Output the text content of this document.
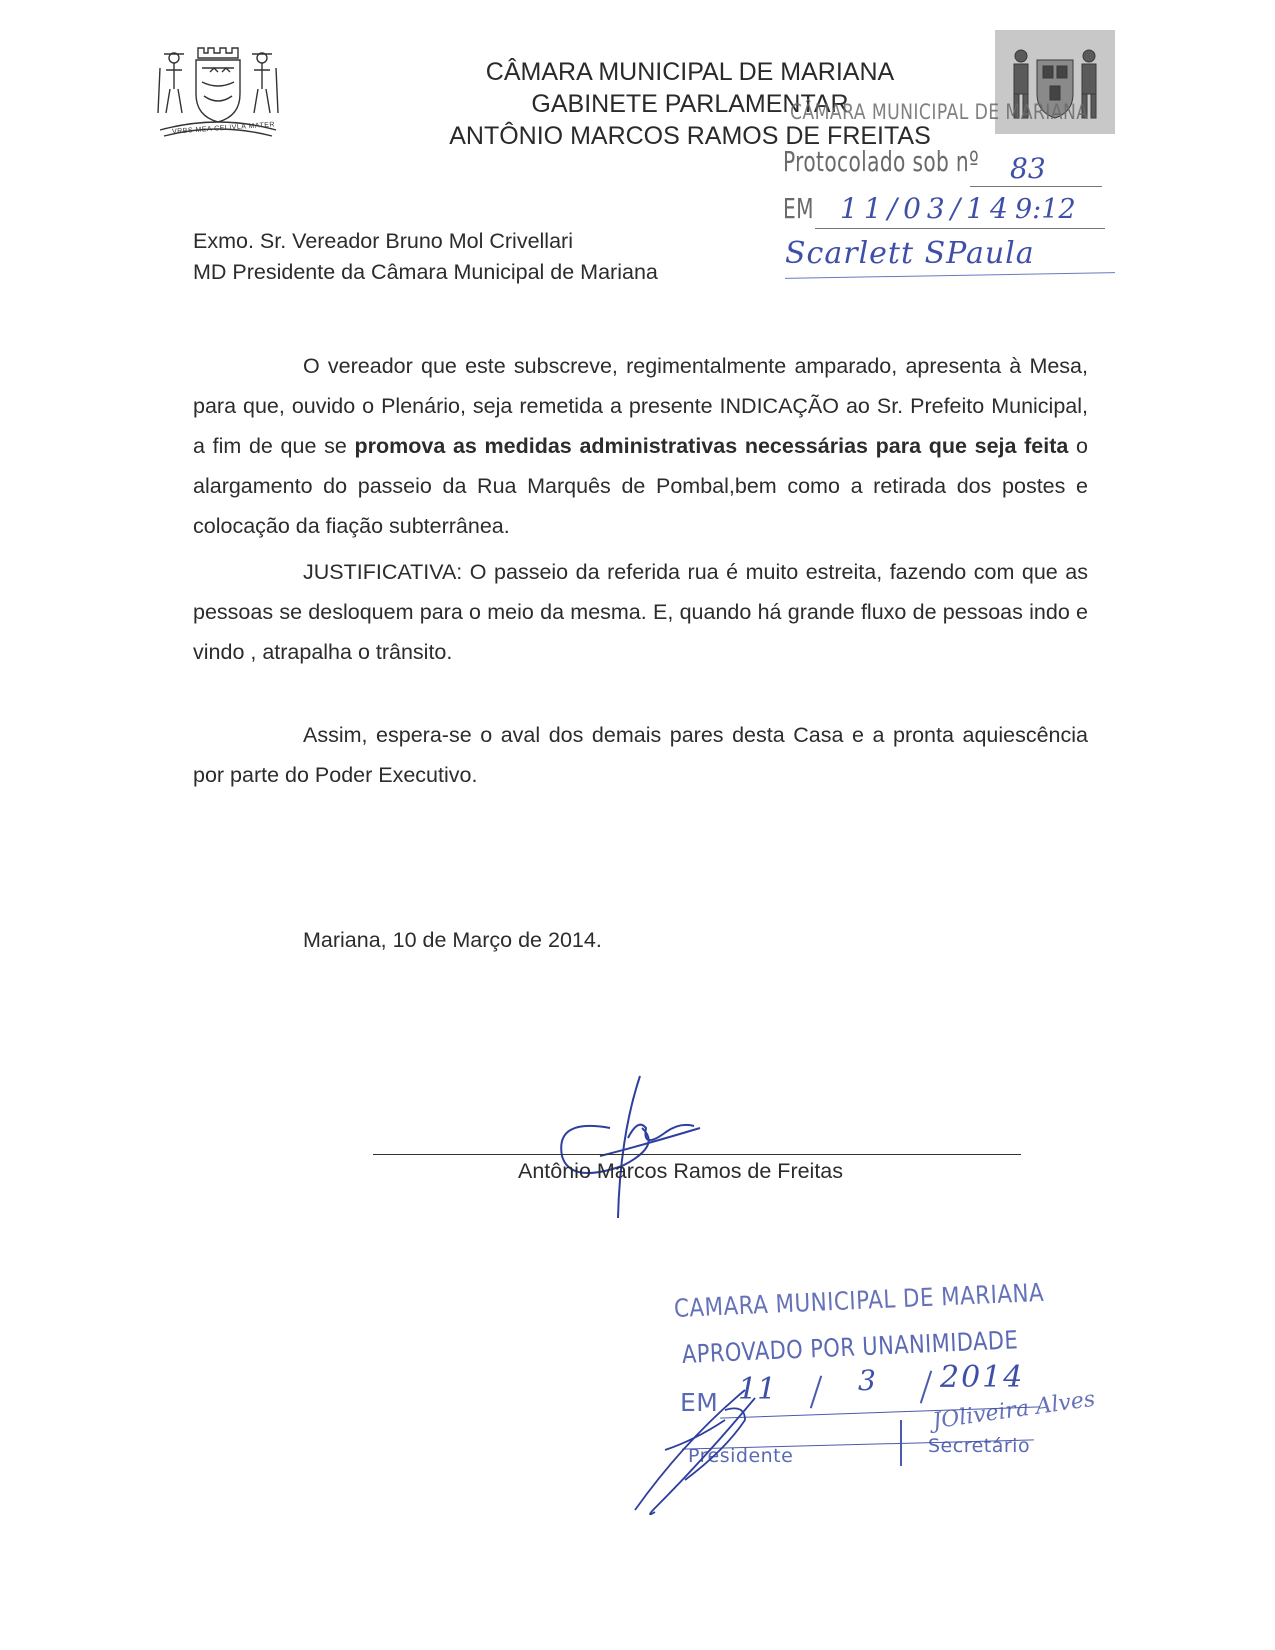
VRBS MEA CELIVLA MATER
CÂMARA MUNICIPAL DE MARIANA
GABINETE PARLAMENTAR
ANTÔNIO MARCOS RAMOS DE FREITAS
CÂMARA MUNICIPAL DE MARIANA
Protocolado sob nº 83
EM 11/03/14 9:12
Scarlett SPaula
Exmo. Sr. Vereador Bruno Mol Crivellari
MD Presidente da Câmara Municipal de Mariana
O vereador que este subscreve, regimentalmente amparado, apresenta à Mesa, para que, ouvido o Plenário, seja remetida a presente INDICAÇÃO ao Sr. Prefeito Municipal, a fim de que se promova as medidas administrativas necessárias para que seja feita o alargamento do passeio da Rua Marquês de Pombal,bem como a retirada dos postes e colocação da fiação subterrânea.
JUSTIFICATIVA: O passeio da referida rua é muito estreita, fazendo com que as pessoas se desloquem para o meio da mesma. E, quando há grande fluxo de pessoas indo e vindo , atrapalha o trânsito.
Assim, espera-se o aval dos demais pares desta Casa e a pronta aquiescência por parte do Poder Executivo.
Mariana, 10 de Março de 2014.
Antônio Marcos Ramos de Freitas
CAMARA MUNICIPAL DE MARIANA
APROVADO POR UNANIMIDADE
EM 11	3 2014
Presidente	Secretário
JOliveira Alves
